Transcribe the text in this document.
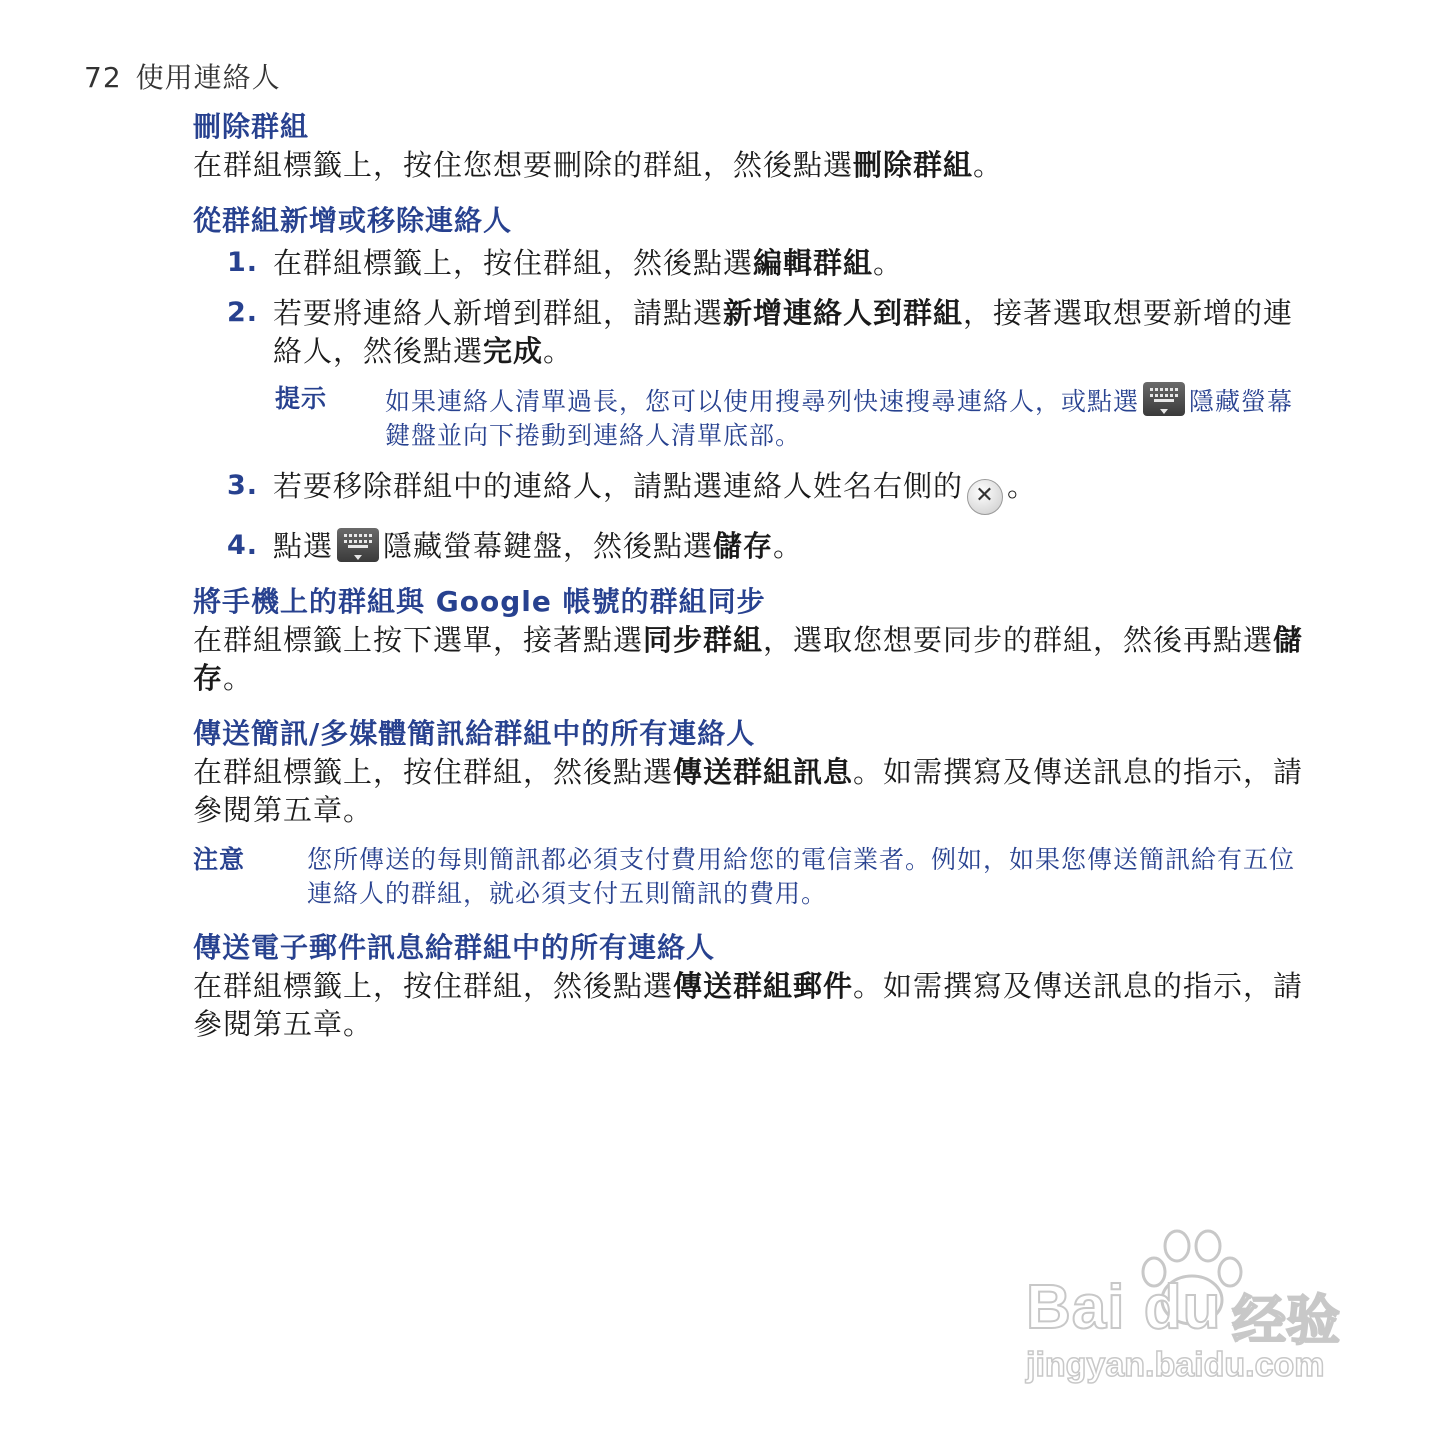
72 使用連絡人
刪除群組
在群組標籤上，按住您想要刪除的群組，然後點選刪除群組。
從群組新增或移除連絡人
1. 在群組標籤上，按住群組，然後點選編輯群組。
2. 若要將連絡人新增到群組，請點選新增連絡人到群組，接著選取想要新增的連絡人，然後點選完成。
提示 如果連絡人清單過長，您可以使用搜尋列快速搜尋連絡人，或點選 隱藏螢幕鍵盤並向下捲動到連絡人清單底部。
3. 若要移除群組中的連絡人，請點選連絡人姓名右側的 ✕ 。
4. 點選 隱藏螢幕鍵盤，然後點選儲存。
將手機上的群組與 Google 帳號的群組同步
在群組標籤上按下選單，接著點選同步群組，選取您想要同步的群組，然後再點選儲存。
傳送簡訊/多媒體簡訊給群組中的所有連絡人
在群組標籤上，按住群組，然後點選傳送群組訊息。如需撰寫及傳送訊息的指示，請參閱第五章。
注意 您所傳送的每則簡訊都必須支付費用給您的電信業者。例如，如果您傳送簡訊給有五位連絡人的群組，就必須支付五則簡訊的費用。
傳送電子郵件訊息給群組中的所有連絡人
在群組標籤上，按住群組，然後點選傳送群組郵件。如需撰寫及傳送訊息的指示，請參閱第五章。
Bai du 经验
jingyan.baidu.com
